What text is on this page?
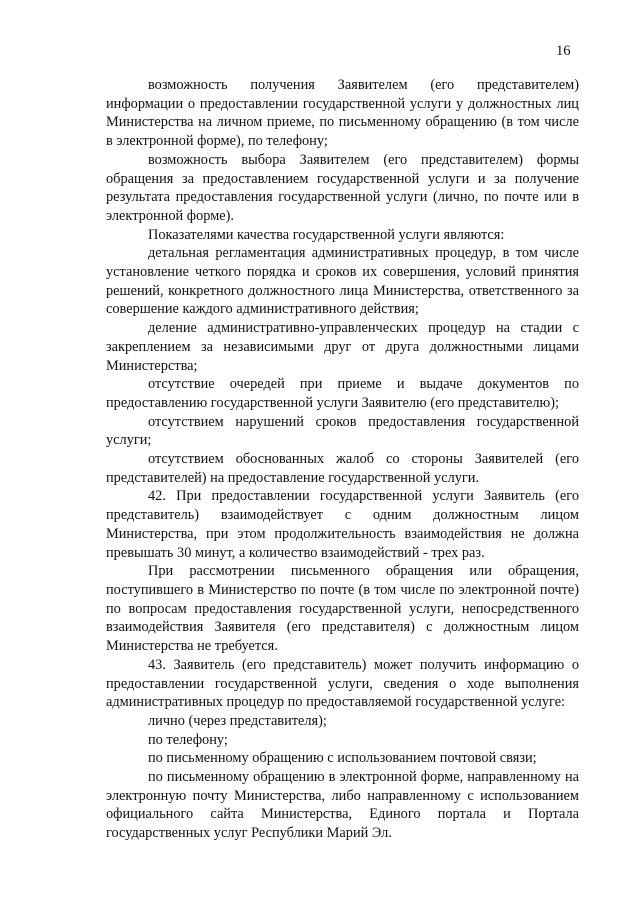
16

возможность получения Заявителем (его представителем) информации о предоставлении государственной услуги у должностных лиц Министерства на личном приеме, по письменному обращению (в том числе в электронной форме), по телефону;

возможность выбора Заявителем (его представителем) формы обращения за предоставлением государственной услуги и за получение результата предоставления государственной услуги (лично, по почте или в электронной форме).

Показателями качества государственной услуги являются:

детальная регламентация административных процедур, в том числе установление четкого порядка и сроков их совершения, условий принятия решений, конкретного должностного лица Министерства, ответственного за совершение каждого административного действия;

деление административно-управленческих процедур на стадии с закреплением за независимыми друг от друга должностными лицами Министерства;

отсутствие очередей при приеме и выдаче документов по предоставлению государственной услуги Заявителю (его представителю);

отсутствием нарушений сроков предоставления государственной услуги;

отсутствием обоснованных жалоб со стороны Заявителей (его представителей) на предоставление государственной услуги.

42. При предоставлении государственной услуги Заявитель (его представитель) взаимодействует с одним должностным лицом Министерства, при этом продолжительность взаимодействия не должна превышать 30 минут, а количество взаимодействий - трех раз.

При рассмотрении письменного обращения или обращения, поступившего в Министерство по почте (в том числе по электронной почте) по вопросам предоставления государственной услуги, непосредственного взаимодействия Заявителя (его представителя) с должностным лицом Министерства не требуется.

43. Заявитель (его представитель) может получить информацию о предоставлении государственной услуги, сведения о ходе выполнения административных процедур по предоставляемой государственной услуге:

лично (через представителя);

по телефону;

по письменному обращению с использованием почтовой связи;

по письменному обращению в электронной форме, направленному на электронную почту Министерства, либо направленному с использованием официального сайта Министерства, Единого портала и Портала государственных услуг Республики Марий Эл.
